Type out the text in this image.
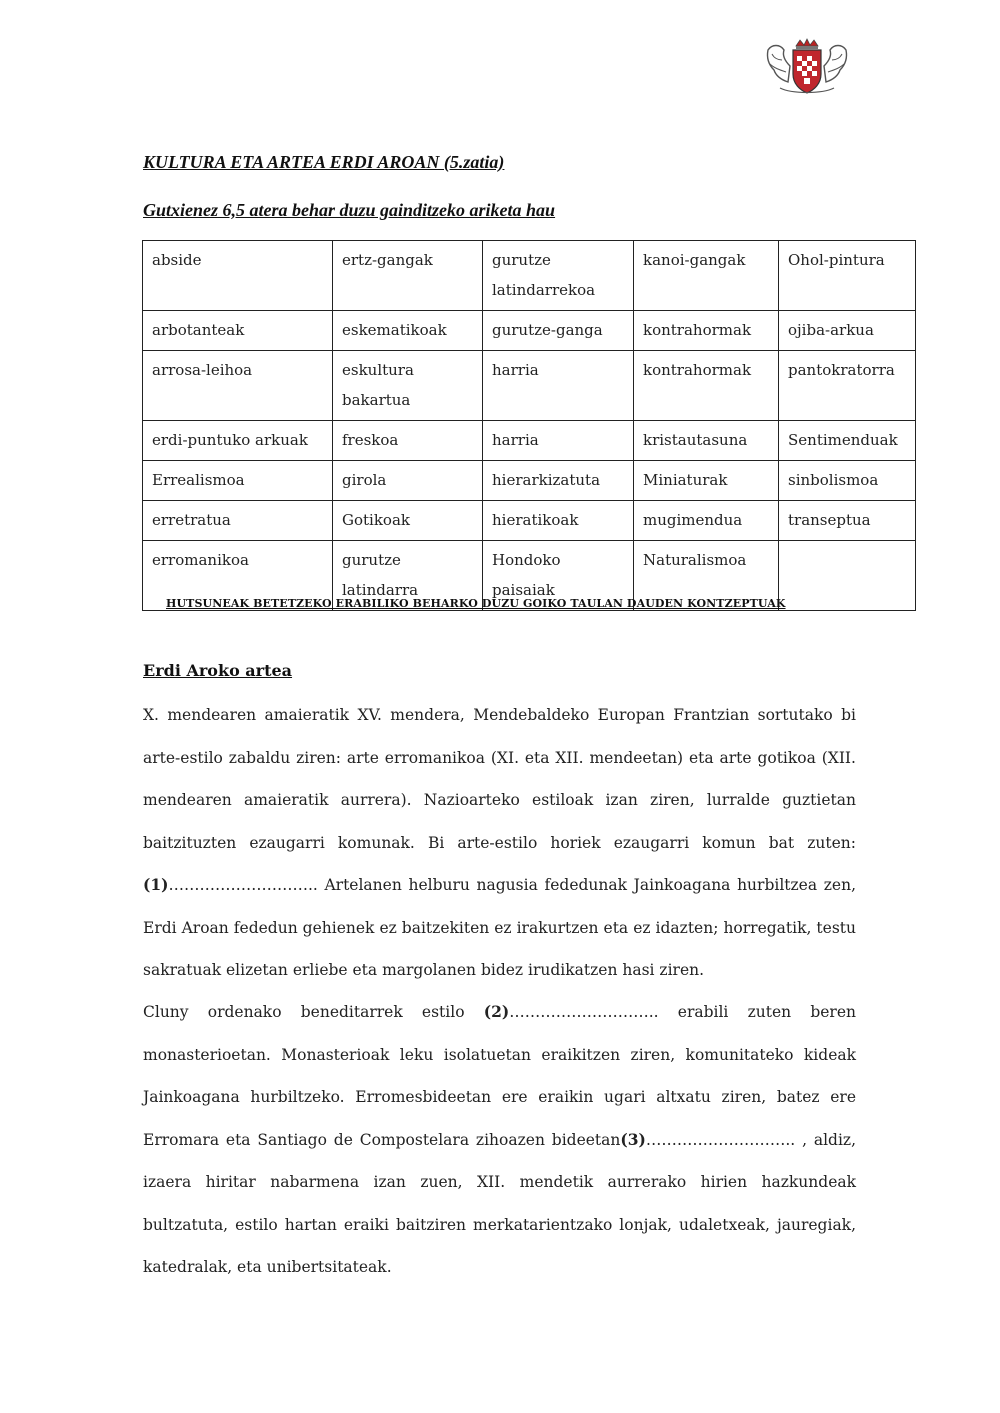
KULTURA ETA ARTEA ERDI AROAN (5.zatia)
Gutxienez 6,5 atera behar duzu gainditzeko ariketa hau
abside	ertz-gangak	gurutze latindarrekoa	kanoi-gangak	Ohol-pintura
arbotanteak	eskematikoak	gurutze-ganga	kontrahormak	ojiba-arkua
arrosa-leihoa	eskultura bakartua	harria	kontrahormak	pantokratorra
erdi-puntuko arkuak	freskoa	harria	kristautasuna	Sentimenduak
Errealismoa	girola	hierarkizatuta	Miniaturak	sinbolismoa
erretratua	Gotikoak	hieratikoak	mugimendua	transeptua
erromanikoa	gurutze latindarra	Hondoko paisaiak	Naturalismoa	
HUTSUNEAK BETETZEKO ERABILIKO BEHARKO DUZU GOIKO TAULAN DAUDEN KONTZEPTUAK
Erdi Aroko artea

X. mendearen amaieratik XV. mendera, Mendebaldeko Europan Frantzian sortutako bi arte-estilo zabaldu ziren: arte erromanikoa (XI. eta XII. mendeetan) eta arte gotikoa (XII. mendearen amaieratik aurrera). Nazioarteko estiloak izan ziren, lurralde guztietan baitzituzten ezaugarri komunak. Bi arte-estilo horiek ezaugarri komun bat zuten: (1)……………………….. Artelanen helburu nagusia fededunak Jainkoagana hurbiltzea zen, Erdi Aroan fededun gehienek ez baitzekiten ez irakurtzen eta ez idazten; horregatik, testu sakratuak elizetan erliebe eta margolanen bidez irudikatzen hasi ziren.

Cluny ordenako beneditarrek estilo (2)……………………….. erabili zuten beren monasterioetan. Monasterioak leku isolatuetan eraikitzen ziren, komunitateko kideak Jainkoagana hurbiltzeko. Erromesbideetan ere eraikin ugari altxatu ziren, batez ere Erromara eta Santiago de Compostelara zihoazen bideetan(3)……………………….. , aldiz, izaera hiritar nabarmena izan zuen, XII. mendetik aurrerako hirien hazkundeak bultzatuta, estilo hartan eraiki baitziren merkatarientzako lonjak, udaletxeak, jauregiak, katedralak, eta unibertsitateak.
